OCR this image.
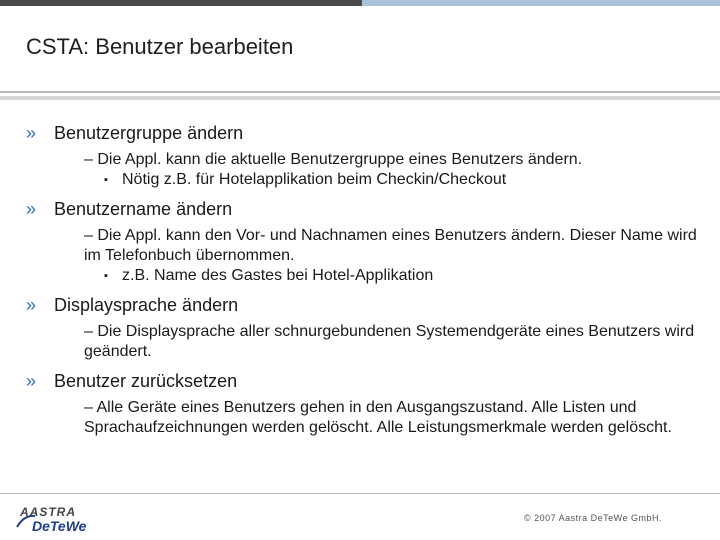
CSTA: Benutzer bearbeiten
» Benutzergruppe ändern
– Die Appl. kann die aktuelle Benutzergruppe eines Benutzers ändern.
▪ Nötig z.B. für Hotelapplikation beim Checkin/Checkout
» Benutzername ändern
– Die Appl. kann den Vor- und Nachnamen eines Benutzers ändern. Dieser Name wird im Telefonbuch übernommen.
▪ z.B. Name des Gastes bei Hotel-Applikation
» Displaysprache ändern
– Die Displaysprache aller schnurgebundenen Systemendgeräte eines Benutzers wird geändert.
» Benutzer zurücksetzen
– Alle Geräte eines Benutzers gehen in den Ausgangszustand. Alle Listen und Sprachaufzeichnungen werden gelöscht. Alle Leistungsmerkmale werden gelöscht.
AASTRA
DeTeWe	© 2007 Aastra DeTeWe GmbH.
